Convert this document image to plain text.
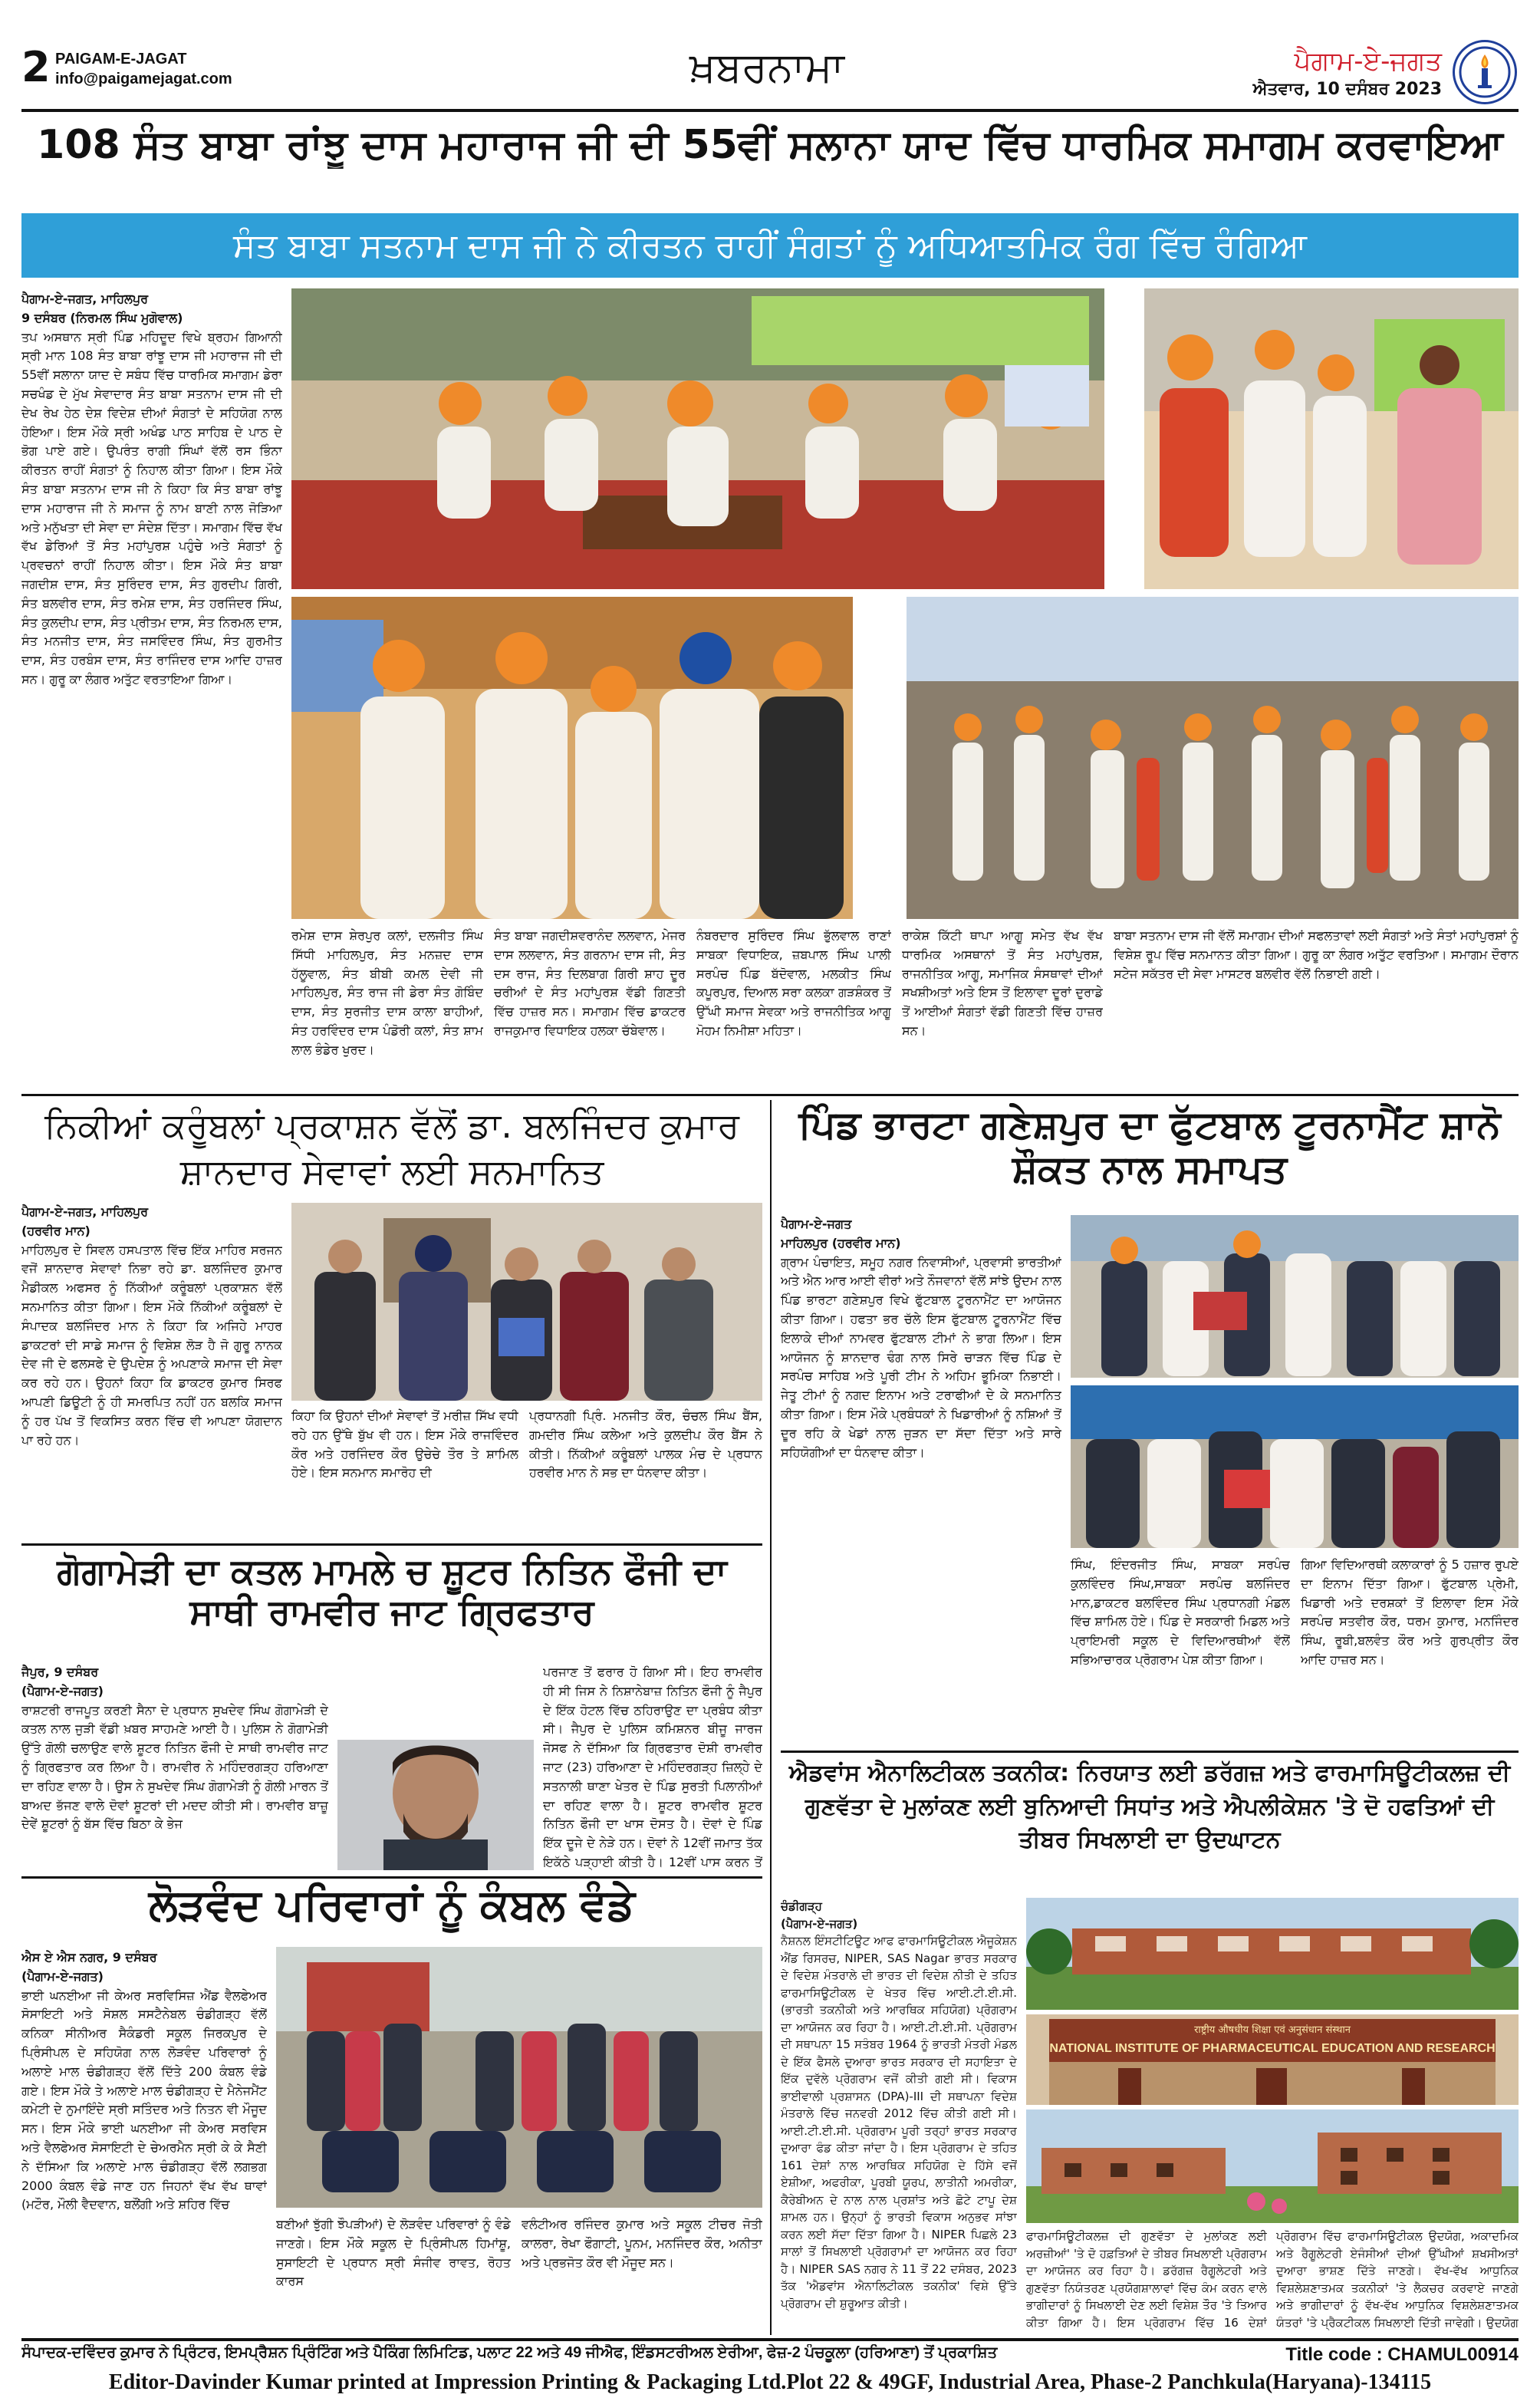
2 PAIGAM-E-JAGAT
info@paigamejagat.com	ਖ਼ਬਰਨਾਮਾ	ਪੈਗਾਮ-ਏ-ਜਗਤ
ਐਤਵਾਰ, 10 ਦਸੰਬਰ 2023
108 ਸੰਤ ਬਾਬਾ ਰਾਂਝੂ ਦਾਸ ਮਹਾਰਾਜ ਜੀ ਦੀ 55ਵੀਂ ਸਲਾਨਾ ਯਾਦ ਵਿੱਚ ਧਾਰਮਿਕ ਸਮਾਗਮ ਕਰਵਾਇਆ
ਸੰਤ ਬਾਬਾ ਸਤਨਾਮ ਦਾਸ ਜੀ ਨੇ ਕੀਰਤਨ ਰਾਹੀਂ ਸੰਗਤਾਂ ਨੂੰ ਅਧਿਆਤਮਿਕ ਰੰਗ ਵਿੱਚ ਰੰਗਿਆ
ਪੈਗਾਮ-ਏ-ਜਗਤ, ਮਾਹਿਲਪੁਰ
9 ਦਸੰਬਰ (ਨਿਰਮਲ ਸਿੰਘ ਮੁਗੋਵਾਲ)
ਤਪ ਅਸਥਾਨ ਸ੍ਰੀ ਪਿੰਡ ਮਹਿਦੂਦ ਵਿਖੇ ਬ੍ਰਹਮ ਗਿਆਨੀ ਸ੍ਰੀ ਮਾਨ 108 ਸੰਤ ਬਾਬਾ ਰਾਂਝੂ ਦਾਸ ਜੀ ਮਹਾਰਾਜ ਜੀ ਦੀ 55ਵੀਂ ਸਲਾਨਾ ਯਾਦ ਦੇ ਸਬੰਧ ਵਿੱਚ ਧਾਰਮਿਕ ਸਮਾਗਮ ਡੇਰਾ ਸਚਖੰਡ ਦੇ ਮੁੱਖ ਸੇਵਾਦਾਰ ਸੰਤ ਬਾਬਾ ਸਤਨਾਮ ਦਾਸ ਜੀ ਦੀ ਦੇਖ ਰੇਖ ਹੇਠ ਦੇਸ਼ ਵਿਦੇਸ਼ ਦੀਆਂ ਸੰਗਤਾਂ ਦੇ ਸਹਿਯੋਗ ਨਾਲ ਹੋਇਆ। ਇਸ ਮੌਕੇ ਸ੍ਰੀ ਅਖੰਡ ਪਾਠ ਸਾਹਿਬ ਦੇ ਪਾਠ ਦੇ ਭੋਗ ਪਾਏ ਗਏ। ਉਪਰੰਤ ਰਾਗੀ ਸਿੰਘਾਂ ਵੱਲੋਂ ਰਸ ਭਿੰਨਾ ਕੀਰਤਨ ਰਾਹੀਂ ਸੰਗਤਾਂ ਨੂੰ ਨਿਹਾਲ ਕੀਤਾ ਗਿਆ। ਇਸ ਮੌਕੇ ਸੰਤ ਬਾਬਾ ਸਤਨਾਮ ਦਾਸ ਜੀ ਨੇ ਕਿਹਾ ਕਿ ਸੰਤ ਬਾਬਾ ਰਾਂਝੂ ਦਾਸ ਮਹਾਰਾਜ ਜੀ ਨੇ ਸਮਾਜ ਨੂੰ ਨਾਮ ਬਾਣੀ ਨਾਲ ਜੋੜਿਆ ਅਤੇ ਮਨੁੱਖਤਾ ਦੀ ਸੇਵਾ ਦਾ ਸੰਦੇਸ਼ ਦਿੱਤਾ। ਸਮਾਗਮ ਵਿੱਚ ਵੱਖ ਵੱਖ ਡੇਰਿਆਂ ਤੋਂ ਸੰਤ ਮਹਾਂਪੁਰਸ਼ ਪਹੁੰਚੇ ਅਤੇ ਸੰਗਤਾਂ ਨੂੰ ਪ੍ਰਵਚਨਾਂ ਰਾਹੀਂ ਨਿਹਾਲ ਕੀਤਾ। ਇਸ ਮੌਕੇ ਸੰਤ ਬਾਬਾ ਜਗਦੀਸ਼ ਦਾਸ, ਸੰਤ ਸੁਰਿੰਦਰ ਦਾਸ, ਸੰਤ ਗੁਰਦੀਪ ਗਿਰੀ, ਸੰਤ ਬਲਵੀਰ ਦਾਸ, ਸੰਤ ਰਮੇਸ਼ ਦਾਸ, ਸੰਤ ਹਰਜਿੰਦਰ ਸਿੰਘ, ਸੰਤ ਕੁਲਦੀਪ ਦਾਸ, ਸੰਤ ਪ੍ਰੀਤਮ ਦਾਸ, ਸੰਤ ਨਿਰਮਲ ਦਾਸ, ਸੰਤ ਮਨਜੀਤ ਦਾਸ, ਸੰਤ ਜਸਵਿੰਦਰ ਸਿੰਘ, ਸੰਤ ਗੁਰਮੀਤ ਦਾਸ, ਸੰਤ ਹਰਬੰਸ ਦਾਸ, ਸੰਤ ਰਾਜਿੰਦਰ ਦਾਸ ਆਦਿ ਹਾਜ਼ਰ ਸਨ। ਗੁਰੂ ਕਾ ਲੰਗਰ ਅਤੁੱਟ ਵਰਤਾਇਆ ਗਿਆ।
ਰਮੇਸ਼ ਦਾਸ ਸ਼ੇਰਪੁਰ ਕਲਾਂ, ਦਲਜੀਤ ਸਿੰਘ ਸਿੱਧੀ ਮਾਹਿਲਪੁਰ, ਸੰਤ ਮਨਜ਼ਦ ਦਾਸ ਹੱਲੂਵਾਲ, ਸੰਤ ਬੀਬੀ ਕਮਲ ਦੇਵੀ ਜੀ ਮਾਹਿਲਪੁਰ, ਸੰਤ ਰਾਜ ਜੀ ਡੇਰਾ ਸੰਤ ਗੋਬਿੰਦ ਦਾਸ, ਸੰਤ ਸੁਰਜੀਤ ਦਾਸ ਕਾਲਾ ਬਾਹੀਆਂ, ਸੰਤ ਹਰਵਿੰਦਰ ਦਾਸ ਪੰਡੋਰੀ ਕਲਾਂ, ਸੰਤ ਸ਼ਾਮ ਲਾਲ ਭੰਡੇਰ ਖੁਰਦ।
ਸੰਤ ਬਾਬਾ ਜਗਦੀਸ਼ਵਰਾਨੰਦ ਲਲਵਾਨ, ਮੇਜਰ ਦਾਸ ਲਲਵਾਨ, ਸੰਤ ਗਰਨਾਮ ਦਾਸ ਜੀ, ਸੰਤ ਦਸ ਰਾਜ, ਸੰਤ ਦਿਲਬਾਗ ਗਿਰੀ ਸ਼ਾਹ ਦੂਰ ਚਰੀਆਂ ਦੇ ਸੰਤ ਮਹਾਂਪੁਰਸ਼ ਵੱਡੀ ਗਿਣਤੀ ਵਿੱਚ ਹਾਜ਼ਰ ਸਨ। ਸਮਾਗਮ ਵਿੱਚ ਡਾਕਟਰ ਰਾਜਕੁਮਾਰ ਵਿਧਾਇਕ ਹਲਕਾ ਚੱਬੇਵਾਲ।
ਨੰਬਰਦਾਰ ਸੁਰਿੰਦਰ ਸਿੰਘ ਭੁੱਲਵਾਲ ਰਾਣਾਂ ਸਾਬਕਾ ਵਿਧਾਇਕ, ਜ਼ਬਪਾਲ ਸਿੰਘ ਪਾਲੀ ਸਰਪੰਚ ਪਿੰਡ ਬੱਦੋਵਾਲ, ਮਲਕੀਤ ਸਿੰਘ ਕਪੂਰਪੁਰ, ਦਿਆਲ ਸਰਾ ਕਲਕਾ ਗੜਸ਼ੰਕਰ ਤੋਂ ਉੱਘੀ ਸਮਾਜ ਸੇਵਕਾ ਅਤੇ ਰਾਜਨੀਤਿਕ ਆਗੂ ਮੋਹਮ ਨਿਮੀਸ਼ਾ ਮਹਿਤਾ।
ਰਾਕੇਸ਼ ਕਿੱਟੀ ਥਾਪਾ ਆਗੂ ਸਮੇਤ ਵੱਖ ਵੱਖ ਧਾਰਮਿਕ ਅਸਥਾਨਾਂ ਤੋਂ ਸੰਤ ਮਹਾਂਪੁਰਸ਼, ਰਾਜਨੀਤਿਕ ਆਗੂ, ਸਮਾਜਿਕ ਸੰਸਥਾਵਾਂ ਦੀਆਂ ਸਖਸ਼ੀਅਤਾਂ ਅਤੇ ਇਸ ਤੋਂ ਇਲਾਵਾ ਦੂਰਾਂ ਦੁਰਾਡੇ ਤੋਂ ਆਈਆਂ ਸੰਗਤਾਂ ਵੱਡੀ ਗਿਣਤੀ ਵਿੱਚ ਹਾਜ਼ਰ ਸਨ।
ਬਾਬਾ ਸਤਨਾਮ ਦਾਸ ਜੀ ਵੱਲੋਂ ਸਮਾਗਮ ਦੀਆਂ ਸਫਲਤਾਵਾਂ ਲਈ ਸੰਗਤਾਂ ਅਤੇ ਸੰਤਾਂ ਮਹਾਂਪੁਰਸ਼ਾਂ ਨੂੰ ਵਿਸ਼ੇਸ਼ ਰੂਪ ਵਿੱਚ ਸਨਮਾਨਤ ਕੀਤਾ ਗਿਆ। ਗੁਰੂ ਕਾ ਲੰਗਰ ਅਤੁੱਟ ਵਰਤਿਆ। ਸਮਾਗਮ ਦੌਰਾਨ ਸਟੇਜ ਸਕੱਤਰ ਦੀ ਸੇਵਾ ਮਾਸਟਰ ਬਲਵੀਰ ਵੱਲੋਂ ਨਿਭਾਈ ਗਈ।
ਨਿਕੀਆਂ ਕਰੂੰਬਲਾਂ ਪ੍ਰਕਾਸ਼ਨ ਵੱਲੋਂ ਡਾ. ਬਲਜਿੰਦਰ ਕੁਮਾਰ ਸ਼ਾਨਦਾਰ ਸੇਵਾਵਾਂ ਲਈ ਸਨਮਾਨਿਤ
ਪੈਗਾਮ-ਏ-ਜਗਤ, ਮਾਹਿਲਪੁਰ
(ਹਰਵੀਰ ਮਾਨ)
ਮਾਹਿਲਪੁਰ ਦੇ ਸਿਵਲ ਹਸਪਤਾਲ ਵਿੱਚ ਇੱਕ ਮਾਹਿਰ ਸਰਜਨ ਵਜੋਂ ਸ਼ਾਨਦਾਰ ਸੇਵਾਵਾਂ ਨਿਭਾ ਰਹੇ ਡਾ. ਬਲਜਿੰਦਰ ਕੁਮਾਰ ਮੈਡੀਕਲ ਅਫਸਰ ਨੂੰ ਨਿੱਕੀਆਂ ਕਰੂੰਬਲਾਂ ਪ੍ਰਕਾਸ਼ਨ ਵੱਲੋਂ ਸਨਮਾਨਿਤ ਕੀਤਾ ਗਿਆ। ਇਸ ਮੌਕੇ ਨਿੱਕੀਆਂ ਕਰੂੰਬਲਾਂ ਦੇ ਸੰਪਾਦਕ ਬਲਜਿੰਦਰ ਮਾਨ ਨੇ ਕਿਹਾ ਕਿ ਅਜਿਹੇ ਮਾਹਰ ਡਾਕਟਰਾਂ ਦੀ ਸਾਡੇ ਸਮਾਜ ਨੂੰ ਵਿਸ਼ੇਸ਼ ਲੋੜ ਹੈ ਜੋ ਗੁਰੂ ਨਾਨਕ ਦੇਵ ਜੀ ਦੇ ਫਲਸਫੇ ਦੇ ਉਪਦੇਸ਼ ਨੂੰ ਅਪਣਾਕੇ ਸਮਾਜ ਦੀ ਸੇਵਾ ਕਰ ਰਹੇ ਹਨ। ਉਹਨਾਂ ਕਿਹਾ ਕਿ ਡਾਕਟਰ ਕੁਮਾਰ ਸਿਰਫ ਆਪਣੀ ਡਿਊਟੀ ਨੂੰ ਹੀ ਸਮਰਪਿਤ ਨਹੀਂ ਹਨ ਬਲਕਿ ਸਮਾਜ ਨੂੰ ਹਰ ਪੱਖ ਤੋਂ ਵਿਕਸਿਤ ਕਰਨ ਵਿੱਚ ਵੀ ਆਪਣਾ ਯੋਗਦਾਨ ਪਾ ਰਹੇ ਹਨ।
ਕਿਹਾ ਕਿ ਉਹਨਾਂ ਦੀਆਂ ਸੇਵਾਵਾਂ ਤੋਂ ਮਰੀਜ਼ ਸਿੱਖ ਵਧੀ ਰਹੇ ਹਨ ਉੱਥੇ ਬੁੱਖ ਵੀ ਹਨ। ਇਸ ਮੌਕੇ ਰਾਜਵਿੰਦਰ ਕੌਰ ਅਤੇ ਹਰਜਿੰਦਰ ਕੌਰ ਉਚੇਚੇ ਤੌਰ ਤੇ ਸ਼ਾਮਿਲ ਹੋਏ। ਇਸ ਸਨਮਾਨ ਸਮਾਰੋਹ ਦੀ
ਪ੍ਰਧਾਨਗੀ ਪ੍ਰਿੰ. ਮਨਜੀਤ ਕੌਰ, ਚੰਚਲ ਸਿੰਘ ਬੈਂਸ, ਗਮਦੀਰ ਸਿੰਘ ਕਲੇਆ ਅਤੇ ਕੁਲਦੀਪ ਕੌਰ ਬੈਂਸ ਨੇ ਕੀਤੀ। ਨਿੱਕੀਆਂ ਕਰੂੰਬਲਾਂ ਪਾਲਕ ਮੰਚ ਦੇ ਪ੍ਰਧਾਨ ਹਰਵੀਰ ਮਾਨ ਨੇ ਸਭ ਦਾ ਧੰਨਵਾਦ ਕੀਤਾ।
ਗੋਗਾਮੇੜੀ ਦਾ ਕਤਲ ਮਾਮਲੇ ਚ ਸ਼ੂਟਰ ਨਿਤਿਨ ਫੌਜੀ ਦਾ ਸਾਥੀ ਰਾਮਵੀਰ ਜਾਟ ਗ੍ਰਿਫਤਾਰ
ਜੈਪੁਰ, 9 ਦਸੰਬਰ
(ਪੈਗਾਮ-ਏ-ਜਗਤ)
ਰਾਸ਼ਟਰੀ ਰਾਜਪੂਤ ਕਰਣੀ ਸੈਨਾ ਦੇ ਪ੍ਰਧਾਨ ਸੁਖਦੇਵ ਸਿੰਘ ਗੋਗਾਮੇੜੀ ਦੇ ਕਤਲ ਨਾਲ ਜੁੜੀ ਵੱਡੀ ਖ਼ਬਰ ਸਾਹਮਣੇ ਆਈ ਹੈ। ਪੁਲਿਸ ਨੇ ਗੋਗਾਮੇੜੀ ਉੱਤੇ ਗੋਲੀ ਚਲਾਉਣ ਵਾਲੇ ਸ਼ੂਟਰ ਨਿਤਿਨ ਫੌਜੀ ਦੇ ਸਾਥੀ ਰਾਮਵੀਰ ਜਾਟ ਨੂੰ ਗ੍ਰਿਫਤਾਰ ਕਰ ਲਿਆ ਹੈ। ਰਾਮਵੀਰ ਨੇ ਮਹਿੰਦਰਗੜ੍ਹ ਹਰਿਆਣਾ ਦਾ ਰਹਿਣ ਵਾਲਾ ਹੈ। ਉਸ ਨੇ ਸੁਖਦੇਵ ਸਿੰਘ ਗੋਗਾਮੇੜੀ ਨੂੰ ਗੋਲੀ ਮਾਰਨ ਤੋਂ ਬਾਅਦ ਭੱਜਣ ਵਾਲੇ ਦੋਵਾਂ ਸ਼ੂਟਰਾਂ ਦੀ ਮਦਦ ਕੀਤੀ ਸੀ। ਰਾਮਵੀਰ ਬਾਜ਼ੂ ਦੇਵੇਂ ਸ਼ੂਟਰਾਂ ਨੂੰ ਬੱਸ ਵਿੱਚ ਬਿਠਾ ਕੇ ਭੇਜ
ਪਰਜਾਣ ਤੋਂ ਫਰਾਰ ਹੋ ਗਿਆ ਸੀ। ਇਹ ਰਾਮਵੀਰ ਹੀ ਸੀ ਜਿਸ ਨੇ ਨਿਸ਼ਾਨੇਬਾਜ਼ ਨਿਤਿਨ ਫੌਜੀ ਨੂੰ ਜੈਪੁਰ ਦੇ ਇੱਕ ਹੋਟਲ ਵਿੱਚ ਠਹਿਰਾਉਣ ਦਾ ਪ੍ਰਬੰਧ ਕੀਤਾ ਸੀ। ਜੈਪੁਰ ਦੇ ਪੁਲਿਸ ਕਮਿਸ਼ਨਰ ਬੀਜੂ ਜਾਰਜ ਜੋਸਫ ਨੇ ਦੱਸਿਆ ਕਿ ਗ੍ਰਿਫਤਾਰ ਦੋਸ਼ੀ ਰਾਮਵੀਰ ਜਾਟ (23) ਹਰਿਆਣਾ ਦੇ ਮਹਿੰਦਰਗੜ੍ਹ ਜ਼ਿਲ੍ਹੇ ਦੇ ਸਤਨਾਲੀ ਥਾਣਾ ਖੇਤਰ ਦੇ ਪਿੰਡ ਸੁਰਤੀ ਪਿਲਾਨੀਆਂ ਦਾ ਰਹਿਣ ਵਾਲਾ ਹੈ। ਸ਼ੂਟਰ ਰਾਮਵੀਰ ਸ਼ੂਟਰ ਨਿਤਿਨ ਫੌਜੀ ਦਾ ਖਾਸ ਦੋਸਤ ਹੈ। ਦੋਵਾਂ ਦੇ ਪਿੰਡ ਇੱਕ ਦੂਜੇ ਦੇ ਨੇੜੇ ਹਨ। ਦੋਵਾਂ ਨੇ 12ਵੀਂ ਜਮਾਤ ਤੱਕ ਇਕੱਠੇ ਪੜ੍ਹਾਈ ਕੀਤੀ ਹੈ। 12ਵੀਂ ਪਾਸ ਕਰਨ ਤੋਂ
ਲੋੜਵੰਦ ਪਰਿਵਾਰਾਂ ਨੂੰ ਕੰਬਲ ਵੰਡੇ
ਐਸ ਏ ਐਸ ਨਗਰ, 9 ਦਸੰਬਰ
(ਪੈਗਾਮ-ਏ-ਜਗਤ)
ਭਾਈ ਘਨਈਆ ਜੀ ਕੇਅਰ ਸਰਵਿਸਿਜ਼ ਐਂਡ ਵੈਲਫੇਅਰ ਸੋਸਾਇਟੀ ਅਤੇ ਸੋਸ਼ਲ ਸਸਟੈਨੇਬਲ ਚੰਡੀਗੜ੍ਹ ਵੱਲੋਂ ਕਨਿਕਾ ਸੀਨੀਅਰ ਸੈਕੰਡਰੀ ਸਕੂਲ ਜਿਰਕਪੁਰ ਦੇ ਪ੍ਰਿੰਸੀਪਲ ਦੇ ਸਹਿਯੋਗ ਨਾਲ ਲੋੜਵੰਦ ਪਰਿਵਾਰਾਂ ਨੂੰ ਅਲਾਏ ਮਾਲ ਚੰਡੀਗੜ੍ਹ ਵੱਲੋਂ ਦਿੱਤੇ 200 ਕੰਬਲ ਵੰਡੇ ਗਏ। ਇਸ ਮੌਕੇ ਤੇ ਅਲਾਏ ਮਾਲ ਚੰਡੀਗੜ੍ਹ ਦੇ ਮੈਨੇਜਮੈਂਟ ਕਮੇਟੀ ਦੇ ਨੁਮਾਇੰਦੇ ਸ੍ਰੀ ਸਤਿੰਦਰ ਅਤੇ ਨਿਤਨ ਵੀ ਮੌਜੂਦ ਸਨ। ਇਸ ਮੌਕੇ ਭਾਈ ਘਨਈਆ ਜੀ ਕੇਅਰ ਸਰਵਿਸ ਅਤੇ ਵੈਲਫੇਅਰ ਸੋਸਾਇਟੀ ਦੇ ਚੇਅਰਮੈਨ ਸ੍ਰੀ ਕੇ ਕੇ ਸੈਣੀ ਨੇ ਦੱਸਿਆ ਕਿ ਅਲਾਏ ਮਾਲ ਚੰਡੀਗੜ੍ਹ ਵੱਲੋਂ ਲਗਭਗ 2000 ਕੰਬਲ ਵੰਡੇ ਜਾਣ ਹਨ ਜਿਹਨਾਂ ਵੱਖ ਵੱਖ ਥਾਵਾਂ (ਮਟੌਰ, ਮੌਲੀ ਵੈਦਵਾਨ, ਬਲੌਂਗੀ ਅਤੇ ਸ਼ਹਿਰ ਵਿੱਚ
ਬਣੀਆਂ ਝੁੱਗੀ ਝੌਪੜੀਆਂ) ਦੇ ਲੋੜਵੰਦ ਪਰਿਵਾਰਾਂ ਨੂੰ ਵੰਡੇ ਜਾਣਗੇ। ਇਸ ਮੌਕੇ ਸਕੂਲ ਦੇ ਪ੍ਰਿੰਸੀਪਲ ਹਿਮਾਂਸ਼ੂ, ਸੁਸਾਇਟੀ ਦੇ ਪ੍ਰਧਾਨ ਸ੍ਰੀ ਸੰਜੀਵ ਰਾਵਤ, ਰੋਹਤ ਕਾਰਸ
ਵਲੰਟੀਅਰ ਰਜਿੰਦਰ ਕੁਮਾਰ ਅਤੇ ਸਕੂਲ ਟੀਚਰ ਜੋਤੀ ਕਾਲਰਾ, ਰੇਖਾ ਫੌਗਾਟੀ, ਪੂਨਮ, ਮਨਜਿੰਦਰ ਕੌਰ, ਅਨੀਤਾ ਅਤੇ ਪ੍ਰਭਜੋਤ ਕੌਰ ਵੀ ਮੌਜੂਦ ਸਨ।
ਪਿੰਡ ਭਾਰਟਾ ਗਣੇਸ਼ਪੁਰ ਦਾ ਫੁੱਟਬਾਲ ਟੂਰਨਾਮੈਂਟ ਸ਼ਾਨੋ ਸ਼ੌਕਤ ਨਾਲ ਸਮਾਪਤ
ਪੈਗਾਮ-ਏ-ਜਗਤ
ਮਾਹਿਲਪੁਰ (ਹਰਵੀਰ ਮਾਨ)
ਗ੍ਰਾਮ ਪੰਚਾਇਤ, ਸਮੂਹ ਨਗਰ ਨਿਵਾਸੀਆਂ, ਪ੍ਰਵਾਸੀ ਭਾਰਤੀਆਂ ਅਤੇ ਐਨ ਆਰ ਆਈ ਵੀਰਾਂ ਅਤੇ ਨੌਜਵਾਨਾਂ ਵੱਲੋਂ ਸਾਂਝੇ ਉਦਮ ਨਾਲ ਪਿੰਡ ਭਾਰਟਾ ਗਣੇਸ਼ਪੁਰ ਵਿਖੇ ਫੁੱਟਬਾਲ ਟੂਰਨਾਮੈਂਟ ਦਾ ਆਯੋਜਨ ਕੀਤਾ ਗਿਆ। ਹਫਤਾ ਭਰ ਚੱਲੇ ਇਸ ਫੁੱਟਬਾਲ ਟੂਰਨਾਮੈਂਟ ਵਿੱਚ ਇਲਾਕੇ ਦੀਆਂ ਨਾਮਵਰ ਫੁੱਟਬਾਲ ਟੀਮਾਂ ਨੇ ਭਾਗ ਲਿਆ। ਇਸ ਆਯੋਜਨ ਨੂੰ ਸ਼ਾਨਦਾਰ ਢੰਗ ਨਾਲ ਸਿਰੇ ਚਾੜਨ ਵਿੱਚ ਪਿੰਡ ਦੇ ਸਰਪੰਚ ਸਾਹਿਬ ਅਤੇ ਪੂਰੀ ਟੀਮ ਨੇ ਅਹਿਮ ਭੂਮਿਕਾ ਨਿਭਾਈ। ਜੇਤੂ ਟੀਮਾਂ ਨੂੰ ਨਗਦ ਇਨਾਮ ਅਤੇ ਟਰਾਫੀਆਂ ਦੇ ਕੇ ਸਨਮਾਨਿਤ ਕੀਤਾ ਗਿਆ। ਇਸ ਮੌਕੇ ਪ੍ਰਬੰਧਕਾਂ ਨੇ ਖਿਡਾਰੀਆਂ ਨੂੰ ਨਸ਼ਿਆਂ ਤੋਂ ਦੂਰ ਰਹਿ ਕੇ ਖੇਡਾਂ ਨਾਲ ਜੁੜਨ ਦਾ ਸੱਦਾ ਦਿੱਤਾ ਅਤੇ ਸਾਰੇ ਸਹਿਯੋਗੀਆਂ ਦਾ ਧੰਨਵਾਦ ਕੀਤਾ।
ਸਿੰਘ, ਇੰਦਰਜੀਤ ਸਿੰਘ, ਸਾਬਕਾ ਸਰਪੰਚ ਕੁਲਵਿੰਦਰ ਸਿੰਘ,ਸਾਬਕਾ ਸਰਪੰਚ ਬਲਜਿੰਦਰ ਮਾਨ,ਡਾਕਟਰ ਬਲਵਿੰਦਰ ਸਿੰਘ ਪ੍ਰਧਾਨਗੀ ਮੰਡਲ ਵਿੱਚ ਸ਼ਾਮਿਲ ਹੋਏ। ਪਿੰਡ ਦੇ ਸਰਕਾਰੀ ਮਿਡਲ ਅਤੇ ਪ੍ਰਾਇਮਰੀ ਸਕੂਲ ਦੇ ਵਿਦਿਆਰਥੀਆਂ ਵੱਲੋਂ ਸਭਿਆਚਾਰਕ ਪ੍ਰੋਗਰਾਮ ਪੇਸ਼ ਕੀਤਾ ਗਿਆ।
ਗਿਆ ਵਿਦਿਆਰਥੀ ਕਲਾਕਾਰਾਂ ਨੂੰ 5 ਹਜ਼ਾਰ ਰੁਪਏ ਦਾ ਇਨਾਮ ਦਿੱਤਾ ਗਿਆ। ਫੁੱਟਬਾਲ ਪ੍ਰੇਮੀ, ਖਿਡਾਰੀ ਅਤੇ ਦਰਸ਼ਕਾਂ ਤੋਂ ਇਲਾਵਾ ਇਸ ਮੌਕੇ ਸਰਪੰਚ ਸਤਵੀਰ ਕੌਰ, ਧਰਮ ਕੁਮਾਰ, ਮਨਜਿੰਦਰ ਸਿੰਘ, ਰੂਬੀ,ਬਲਵੰਤ ਕੌਰ ਅਤੇ ਗੁਰਪ੍ਰੀਤ ਕੌਰ ਆਦਿ ਹਾਜ਼ਰ ਸਨ।
ਐਡਵਾਂਸ ਐਨਾਲਿਟੀਕਲ ਤਕਨੀਕ: ਨਿਰਯਾਤ ਲਈ ਡਰੱਗਜ਼ ਅਤੇ ਫਾਰਮਾਸਿਊਟੀਕਲਜ਼ ਦੀ ਗੁਣਵੱਤਾ ਦੇ ਮੁਲਾਂਕਣ ਲਈ ਬੁਨਿਆਦੀ ਸਿਧਾਂਤ ਅਤੇ ਐਪਲੀਕੇਸ਼ਨ 'ਤੇ ਦੋ ਹਫਤਿਆਂ ਦੀ ਤੀਬਰ ਸਿਖਲਾਈ ਦਾ ਉਦਘਾਟਨ
ਚੰਡੀਗੜ੍ਹ
(ਪੈਗਾਮ-ਏ-ਜਗਤ)
ਨੈਸ਼ਨਲ ਇੰਸਟੀਟਿਊਟ ਆਫ ਫਾਰਮਾਸਿਊਟੀਕਲ ਐਜੂਕੇਸ਼ਨ ਐਂਡ ਰਿਸਰਚ, NIPER, SAS Nagar ਭਾਰਤ ਸਰਕਾਰ ਦੇ ਵਿਦੇਸ਼ ਮੰਤਰਾਲੇ ਦੀ ਭਾਰਤ ਦੀ ਵਿਦੇਸ਼ ਨੀਤੀ ਦੇ ਤਹਿਤ ਫਾਰਮਾਸਿਊਟੀਕਲ ਦੇ ਖੇਤਰ ਵਿੱਚ ਆਈ.ਟੀ.ਈ.ਸੀ. (ਭਾਰਤੀ ਤਕਨੀਕੀ ਅਤੇ ਆਰਥਿਕ ਸਹਿਯੋਗ) ਪ੍ਰੋਗਰਾਮ ਦਾ ਆਯੋਜਨ ਕਰ ਰਿਹਾ ਹੈ। ਆਈ.ਟੀ.ਈ.ਸੀ. ਪ੍ਰੋਗਰਾਮ ਦੀ ਸਥਾਪਨਾ 15 ਸਤੰਬਰ 1964 ਨੂੰ ਭਾਰਤੀ ਮੰਤਰੀ ਮੰਡਲ ਦੇ ਇੱਕ ਫੈਸਲੇ ਦੁਆਰਾ ਭਾਰਤ ਸਰਕਾਰ ਦੀ ਸਹਾਇਤਾ ਦੇ ਇੱਕ ਦੁਵੱਲੇ ਪ੍ਰੋਗਰਾਮ ਵਜੋਂ ਕੀਤੀ ਗਈ ਸੀ। ਵਿਕਾਸ ਭਾਈਵਾਲੀ ਪ੍ਰਸ਼ਾਸਨ (DPA)-III ਦੀ ਸਥਾਪਨਾ ਵਿਦੇਸ਼ ਮੰਤਰਾਲੇ ਵਿੱਚ ਜਨਵਰੀ 2012 ਵਿੱਚ ਕੀਤੀ ਗਈ ਸੀ। ਆਈ.ਟੀ.ਈ.ਸੀ. ਪ੍ਰੋਗਰਾਮ ਪੂਰੀ ਤਰ੍ਹਾਂ ਭਾਰਤ ਸਰਕਾਰ ਦੁਆਰਾ ਫੰਡ ਕੀਤਾ ਜਾਂਦਾ ਹੈ। ਇਸ ਪ੍ਰੋਗਰਾਮ ਦੇ ਤਹਿਤ 161 ਦੇਸ਼ਾਂ ਨਾਲ ਆਰਥਿਕ ਸਹਿਯੋਗ ਦੇ ਹਿੱਸੇ ਵਜੋਂ ਏਸ਼ੀਆ, ਅਫਰੀਕਾ, ਪੂਰਬੀ ਯੂਰਪ, ਲਾਤੀਨੀ ਅਮਰੀਕਾ, ਕੈਰੇਬੀਅਨ ਦੇ ਨਾਲ ਨਾਲ ਪ੍ਰਸ਼ਾਂਤ ਅਤੇ ਛੋਟੇ ਟਾਪੂ ਦੇਸ਼ ਸ਼ਾਮਲ ਹਨ। ਉਨ੍ਹਾਂ ਨੂੰ ਭਾਰਤੀ ਵਿਕਾਸ ਅਨੁਭਵ ਸਾਂਝਾ ਕਰਨ ਲਈ ਸੱਦਾ ਦਿੱਤਾ ਗਿਆ ਹੈ। NIPER ਪਿਛਲੇ 23 ਸਾਲਾਂ ਤੋਂ ਸਿਖਲਾਈ ਪ੍ਰੋਗਰਾਮਾਂ ਦਾ ਆਯੋਜਨ ਕਰ ਰਿਹਾ ਹੈ। NIPER SAS ਨਗਰ ਨੇ 11 ਤੋਂ 22 ਦਸੰਬਰ, 2023 ਤੱਕ 'ਐਡਵਾਂਸ ਐਨਾਲਿਟੀਕਲ ਤਕਨੀਕ' ਵਿਸ਼ੇ ਉੱਤੇ ਪ੍ਰੋਗਰਾਮ ਦੀ ਸ਼ੁਰੂਆਤ ਕੀਤੀ।
राष्ट्रीय औषधीय शिक्षा एवं अनुसंधान संस्थान
NATIONAL INSTITUTE OF PHARMACEUTICAL EDUCATION AND RESEARCH
ਫਾਰਮਾਸਿਊਟੀਕਲਜ਼ ਦੀ ਗੁਣਵੱਤਾ ਦੇ ਮੁਲਾਂਕਣ ਲਈ ਅਰਜ਼ੀਆਂ' 'ਤੇ ਦੋ ਹਫ਼ਤਿਆਂ ਦੇ ਤੀਬਰ ਸਿਖਲਾਈ ਪ੍ਰੋਗਰਾਮ ਦਾ ਆਯੋਜਨ ਕਰ ਰਿਹਾ ਹੈ। ਡਰੱਗਜ਼ ਰੈਗੂਲੇਟਰੀ ਅਤੇ ਗੁਣਵੱਤਾ ਨਿਯੰਤਰਣ ਪ੍ਰਯੋਗਸ਼ਾਲਾਵਾਂ ਵਿੱਚ ਕੰਮ ਕਰਨ ਵਾਲੇ ਭਾਗੀਦਾਰਾਂ ਨੂੰ ਸਿਖਲਾਈ ਦੇਣ ਲਈ ਵਿਸ਼ੇਸ਼ ਤੌਰ 'ਤੇ ਤਿਆਰ ਕੀਤਾ ਗਿਆ ਹੈ। ਇਸ ਪ੍ਰੋਗਰਾਮ ਵਿੱਚ 16 ਦੇਸ਼ਾਂ
ਪ੍ਰੋਗਰਾਮ ਵਿੱਚ ਫਾਰਮਾਸਿਊਟੀਕਲ ਉਦਯੋਗ, ਅਕਾਦਮਿਕ ਅਤੇ ਰੈਗੂਲੇਟਰੀ ਏਜੰਸੀਆਂ ਦੀਆਂ ਉੱਘੀਆਂ ਸ਼ਖਸੀਅਤਾਂ ਦੁਆਰਾ ਭਾਸ਼ਣ ਦਿੱਤੇ ਜਾਣਗੇ। ਵੱਖ-ਵੱਖ ਆਧੁਨਿਕ ਵਿਸ਼ਲੇਸ਼ਣਾਤਮਕ ਤਕਨੀਕਾਂ 'ਤੇ ਲੈਕਚਰ ਕਰਵਾਏ ਜਾਣਗੇ ਅਤੇ ਭਾਗੀਦਾਰਾਂ ਨੂੰ ਵੱਖ-ਵੱਖ ਆਧੁਨਿਕ ਵਿਸ਼ਲੇਸ਼ਣਾਤਮਕ ਯੰਤਰਾਂ 'ਤੇ ਪ੍ਰੈਕਟੀਕਲ ਸਿਖਲਾਈ ਦਿੱਤੀ ਜਾਵੇਗੀ। ਉਦਯੋਗ
ਸੰਪਾਦਕ-ਦਵਿੰਦਰ ਕੁਮਾਰ ਨੇ ਪ੍ਰਿੰਟਰ, ਇਮਪ੍ਰੈਸ਼ਨ ਪ੍ਰਿੰਟਿੰਗ ਅਤੇ ਪੈਕਿੰਗ ਲਿਮਿਟਿਡ, ਪਲਾਟ 22 ਅਤੇ 49 ਜੀਐਫ, ਇੰਡਸਟਰੀਅਲ ਏਰੀਆ, ਫੇਜ਼-2 ਪੰਚਕੂਲਾ (ਹਰਿਆਣਾ) ਤੋਂ ਪ੍ਰਕਾਸ਼ਿਤ	Title code : CHAMUL00914
Editor-Davinder Kumar printed at Impression Printing & Packaging Ltd.Plot 22 & 49GF, Industrial Area, Phase-2 Panchkula(Haryana)-134115
